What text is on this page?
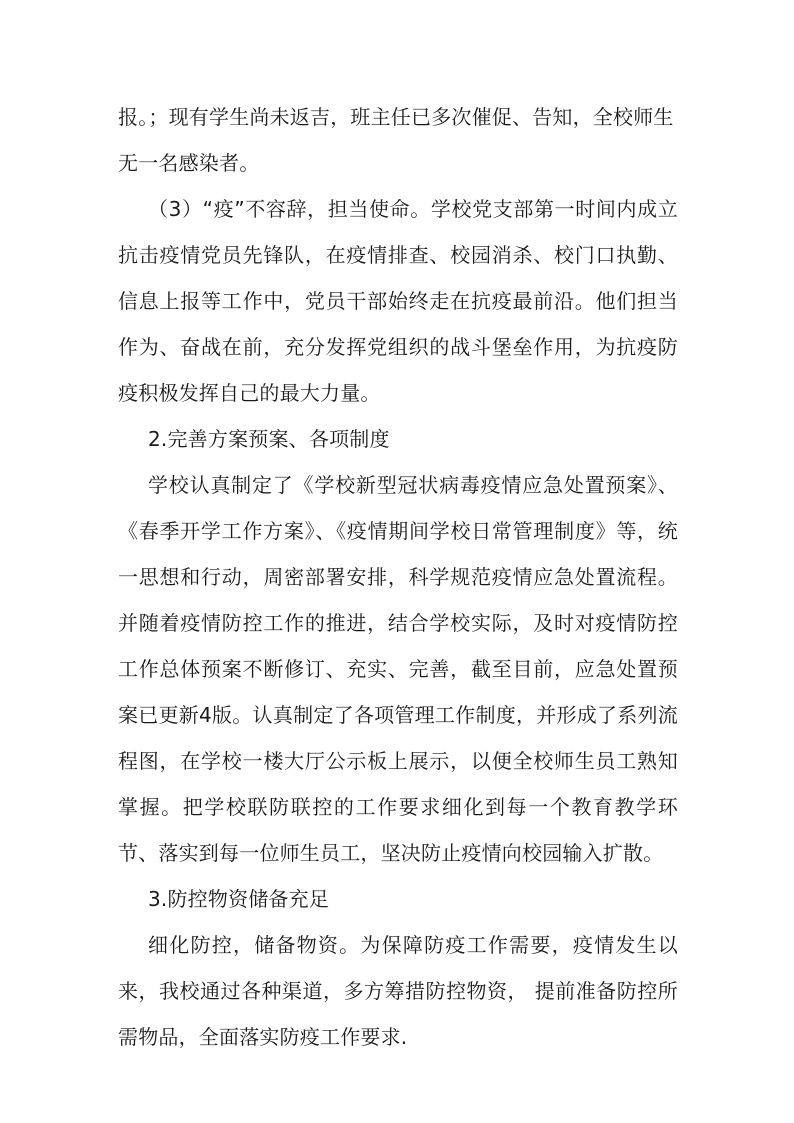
报。；现有学生尚未返吉，班主任已多次催促、告知，全校师生

无一名感染者。

（3）“疫”不容辞，担当使命。学校党支部第一时间内成立抗击疫情党员先锋队，在疫情排查、校园消杀、校门口执勤、信息上报等工作中，党员干部始终走在抗疫最前沿。他们担当作为、奋战在前，充分发挥党组织的战斗堡垒作用，为抗疫防疫积极发挥自己的最大力量。

2.完善方案预案、各项制度

学校认真制定了《学校新型冠状病毒疫情应急处置预案》、《春季开学工作方案》、《疫情期间学校日常管理制度》等，统一思想和行动，周密部署安排，科学规范疫情应急处置流程。并随着疫情防控工作的推进，结合学校实际，及时对疫情防控工作总体预案不断修订、充实、完善，截至目前，应急处置预案已更新4版。认真制定了各项管理工作制度，并形成了系列流程图，在学校一楼大厅公示板上展示，以便全校师生员工熟知掌握。把学校联防联控的工作要求细化到每一个教育教学环节、落实到每一位师生员工，坚决防止疫情向校园输入扩散。

3.防控物资储备充足

细化防控，储备物资。为保障防疫工作需要，疫情发生以来，我校通过各种渠道，多方筹措防控物资， 提前准备防控所需物品，全面落实防疫工作要求.
